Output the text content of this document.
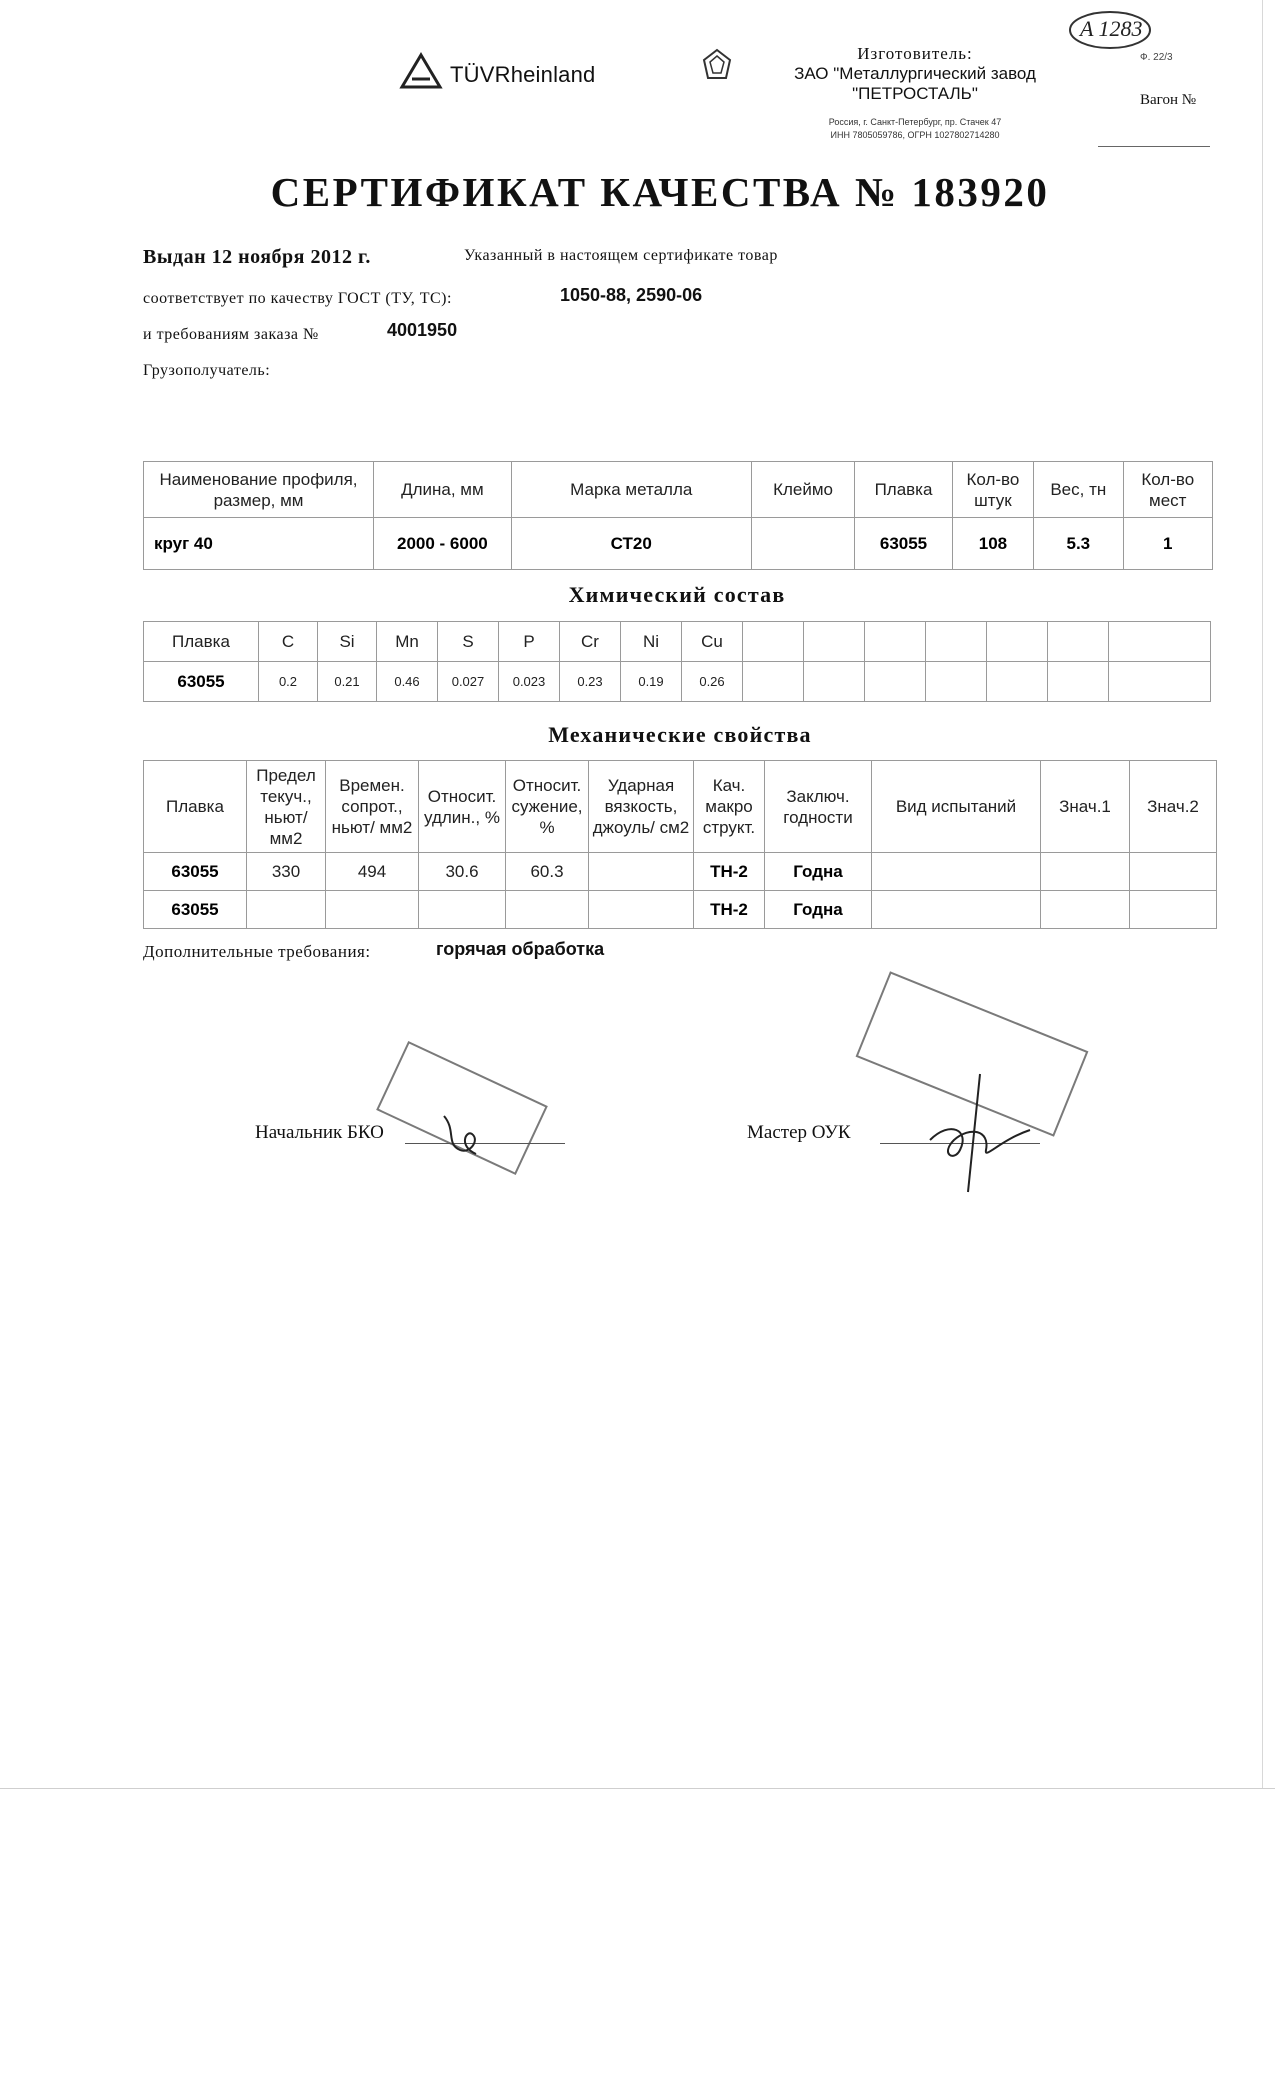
TÜVRheinland
Изготовитель:
ЗАО "Металлургический завод
"ПЕТРОСТАЛЬ"
Россия, г. Санкт-Петербург, пр. Стачек 47
ИНН 7805059786, ОГРН 1027802714280
A 1283
Ф. 22/3
Вагон №
СЕРТИФИКАТ КАЧЕСТВА № 183920
Выдан 12 ноября 2012 г.	Указанный в настоящем сертификате товар
соответствует по качеству ГОСТ (ТУ, ТС):	1050-88, 2590-06
и требованиям заказа №	4001950
Грузополучатель:
Наименование профиля, размер, мм	Длина, мм	Марка металла	Клеймо	Плавка	Кол-во штук	Вес, тн	Кол-во мест
круг 40	2000 - 6000	СТ20		63055	108	5.3	1
Химический состав
Плавка	C	Si	Mn	S	P	Cr	Ni	Cu							
63055	0.2	0.21	0.46	0.027	0.023	0.23	0.19	0.26							
Механические свойства
Плавка	Предел текуч., ньют/ мм2	Времен. сопрот., ньют/ мм2	Относит. удлин., %	Относит. сужение, %	Ударная вязкость, джоуль/ см2	Кач. макро структ.	Заключ. годности	Вид испытаний	Знач.1	Знач.2
63055	330	494	30.6	60.3		ТН-2	Годна			
63055						ТН-2	Годна			
Дополнительные требования:	горячая обработка
Начальник БКО	Мастер ОУК
